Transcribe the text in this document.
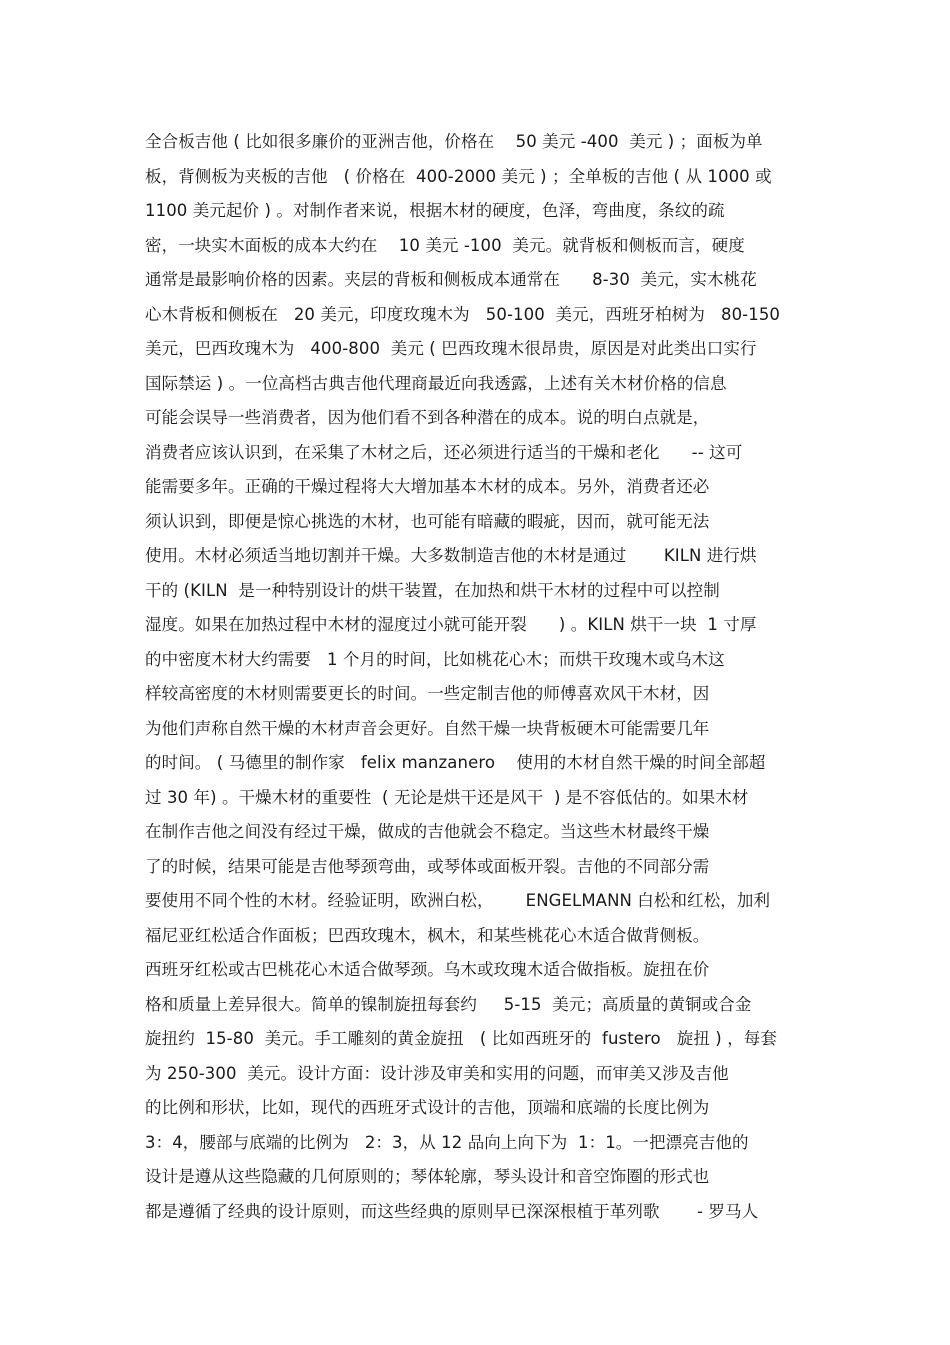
全合板吉他 ( 比如很多廉价的亚洲吉他，价格在    50 美元 -400  美元 ) ；面板为单
板，背侧板为夹板的吉他   ( 价格在  400-2000 美元 ) ；全单板的吉他 ( 从 1000 或
1100 美元起价 ) 。对制作者来说，根据木材的硬度，色泽，弯曲度，条纹的疏
密，一块实木面板的成本大约在    10 美元 -100  美元。就背板和侧板而言，硬度
通常是最影响价格的因素。夹层的背板和侧板成本通常在      8-30  美元，实木桃花
心木背板和侧板在   20 美元，印度玫瑰木为   50-100  美元，西班牙柏树为   80-150
美元，巴西玫瑰木为   400-800  美元 ( 巴西玫瑰木很昂贵，原因是对此类出口实行
国际禁运 ) 。一位高档古典吉他代理商最近向我透露，上述有关木材价格的信息
可能会误导一些消费者，因为他们看不到各种潜在的成本。说的明白点就是，
消费者应该认识到，在采集了木材之后，还必须进行适当的干燥和老化      -- 这可
能需要多年。正确的干燥过程将大大增加基本木材的成本。另外，消费者还必
须认识到，即便是惊心挑选的木材，也可能有暗藏的暇疵，因而，就可能无法
使用。木材必须适当地切割并干燥。大多数制造吉他的木材是通过       KILN 进行烘
干的 (KILN  是一种特别设计的烘干装置，在加热和烘干木材的过程中可以控制
湿度。如果在加热过程中木材的湿度过小就可能开裂      ) 。KILN 烘干一块  1 寸厚
的中密度木材大约需要   1 个月的时间，比如桃花心木；而烘干玫瑰木或乌木这
样较高密度的木材则需要更长的时间。一些定制吉他的师傅喜欢风干木材，因
为他们声称自然干燥的木材声音会更好。自然干燥一块背板硬木可能需要几年
的时间。 ( 马德里的制作家   felix manzanero    使用的木材自然干燥的时间全部超
过 30 年) 。干燥木材的重要性  ( 无论是烘干还是风干  ) 是不容低估的。如果木材
在制作吉他之间没有经过干燥，做成的吉他就会不稳定。当这些木材最终干燥
了的时候，结果可能是吉他琴颈弯曲，或琴体或面板开裂。吉他的不同部分需
要使用不同个性的木材。经验证明，欧洲白松，      ENGELMANN 白松和红松，加利
福尼亚红松适合作面板；巴西玫瑰木，枫木，和某些桃花心木适合做背侧板。
西班牙红松或古巴桃花心木适合做琴颈。乌木或玫瑰木适合做指板。旋扭在价
格和质量上差异很大。简单的镍制旋扭每套约     5-15  美元；高质量的黄铜或合金
旋扭约  15-80  美元。手工雕刻的黄金旋扭   ( 比如西班牙的  fustero   旋扭 ) ，每套
为 250-300  美元。设计方面：设计涉及审美和实用的问题，而审美又涉及吉他
的比例和形状，比如，现代的西班牙式设计的吉他，顶端和底端的长度比例为
3：4，腰部与底端的比例为   2：3，从 12 品向上向下为  1：1。一把漂亮吉他的
设计是遵从这些隐藏的几何原则的；琴体轮廓，琴头设计和音空饰圈的形式也
都是遵循了经典的设计原则，而这些经典的原则早已深深根植于革列歌       - 罗马人
